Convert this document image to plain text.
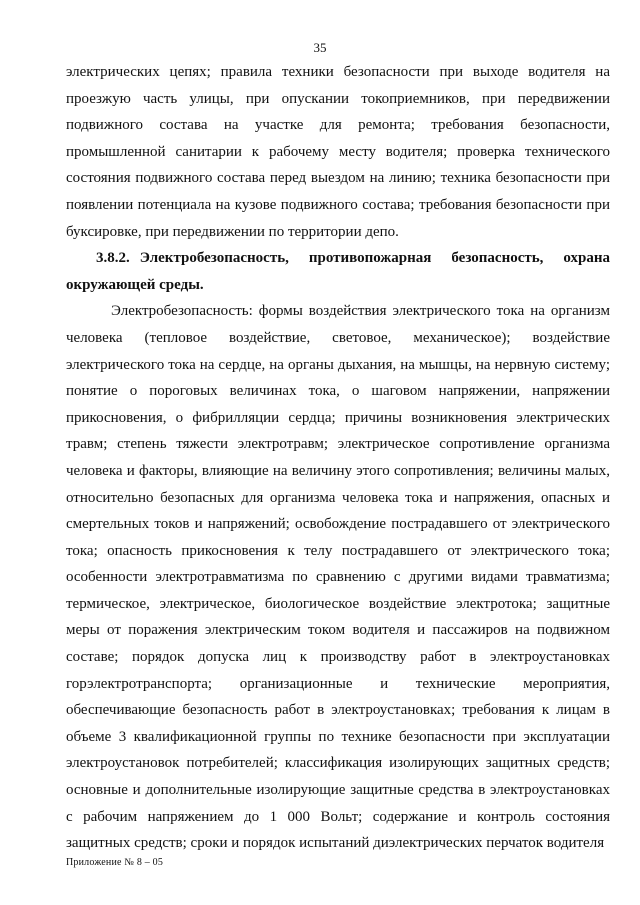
35

электрических цепях; правила техники безопасности при выходе водителя на проезжую часть улицы, при опускании токоприемников, при передвижении подвижного состава на участке для ремонта; требования безопасности, промышленной санитарии к рабочему месту водителя; проверка технического состояния подвижного состава перед выездом на линию; техника безопасности при появлении потенциала на кузове подвижного состава; требования безопасности при буксировке, при передвижении по территории депо.

3.8.2. Электробезопасность, противопожарная безопасность, охрана окружающей среды.

Электробезопасность: формы воздействия электрического тока на организм человека (тепловое воздействие, световое, механическое); воздействие электрического тока на сердце, на органы дыхания, на мышцы, на нервную систему; понятие о пороговых величинах тока, о шаговом напряжении, напряжении прикосновения, о фибрилляции сердца; причины возникновения электрических травм; степень тяжести электротравм; электрическое сопротивление организма человека и факторы, влияющие на величину этого сопротивления; величины малых, относительно безопасных для организма человека тока и напряжения, опасных и смертельных токов и напряжений; освобождение пострадавшего от электрического тока; опасность прикосновения к телу пострадавшего от электрического тока; особенности электротравматизма по сравнению с другими видами травматизма; термическое, электрическое, биологическое воздействие электротока; защитные меры от поражения электрическим током водителя и пассажиров на подвижном составе; порядок допуска лиц к производству работ в электроустановках горэлектротранспорта; организационные и технические мероприятия, обеспечивающие безопасность работ в электроустановках; требования к лицам в объеме 3 квалификационной группы по технике безопасности при эксплуатации электроустановок потребителей; классификация изолирующих защитных средств; основные и дополнительные изолирующие защитные средства в электроустановках с рабочим напряжением до 1 000 Вольт; содержание и контроль состояния защитных средств; сроки и порядок испытаний диэлектрических перчаток водителя

Приложение № 8 – 05
